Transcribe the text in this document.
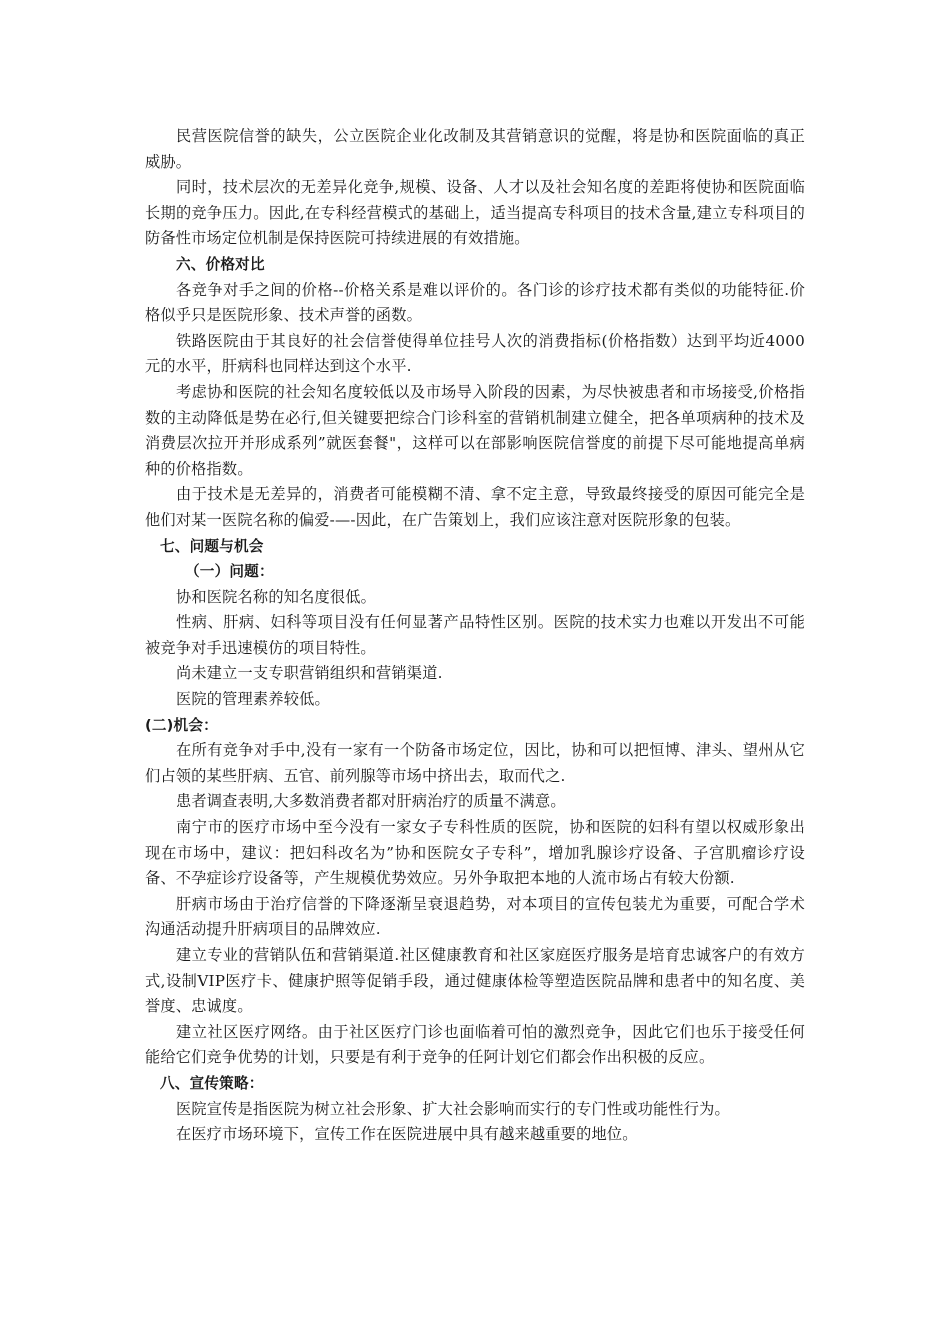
民营医院信誉的缺失，公立医院企业化改制及其营销意识的觉醒，将是协和医院面临的真正威胁。

同时，技术层次的无差异化竞争,规模、设备、人才以及社会知名度的差距将使协和医院面临长期的竞争压力。因此,在专科经营模式的基础上，适当提高专科项目的技术含量,建立专科项目的防备性市场定位机制是保持医院可持续进展的有效措施。

六、价格对比

各竞争对手之间的价格--价格关系是难以评价的。各门诊的诊疗技术都有类似的功能特征.价格似乎只是医院形象、技术声誉的函数。

铁路医院由于其良好的社会信誉使得单位挂号人次的消费指标(价格指数）达到平均近4000元的水平，肝病科也同样达到这个水平.

考虑协和医院的社会知名度较低以及市场导入阶段的因素，为尽快被患者和市场接受,价格指数的主动降低是势在必行,但关键要把综合门诊科室的营销机制建立健全，把各单项病种的技术及消费层次拉开并形成系列”就医套餐"，这样可以在部影响医院信誉度的前提下尽可能地提高单病种的价格指数。

由于技术是无差异的，消费者可能模糊不清、拿不定主意，导致最终接受的原因可能完全是他们对某一医院名称的偏爱-—-因此，在广告策划上，我们应该注意对医院形象的包装。

七、问题与机会

（一）问题：

协和医院名称的知名度很低。

性病、肝病、妇科等项目没有任何显著产品特性区别。医院的技术实力也难以开发出不可能被竞争对手迅速模仿的项目特性。

尚未建立一支专职营销组织和营销渠道.

医院的管理素养较低。

(二)机会：

在所有竞争对手中,没有一家有一个防备市场定位，因比，协和可以把恒博、津头、望州从它们占领的某些肝病、五官、前列腺等市场中挤出去，取而代之.

患者调查表明,大多数消费者都对肝病治疗的质量不满意。

南宁市的医疗市场中至今没有一家女子专科性质的医院，协和医院的妇科有望以权威形象出现在市场中，建议：把妇科改名为”协和医院女子专科”，增加乳腺诊疗设备、子宫肌瘤诊疗设备、不孕症诊疗设备等，产生规模优势效应。另外争取把本地的人流市场占有较大份额.

肝病市场由于治疗信誉的下降逐渐呈衰退趋势，对本项目的宣传包装尤为重要，可配合学术沟通活动提升肝病项目的品牌效应.

建立专业的营销队伍和营销渠道.社区健康教育和社区家庭医疗服务是培育忠诚客户的有效方式,设制VIP医疗卡、健康护照等促销手段，通过健康体检等塑造医院品牌和患者中的知名度、美誉度、忠诚度。

建立社区医疗网络。由于社区医疗门诊也面临着可怕的激烈竞争，因此它们也乐于接受任何能给它们竞争优势的计划，只要是有利于竞争的任阿计划它们都会作出积极的反应。

八、宣传策略：

医院宣传是指医院为树立社会形象、扩大社会影响而实行的专门性或功能性行为。

在医疗市场环境下，宣传工作在医院进展中具有越来越重要的地位。
